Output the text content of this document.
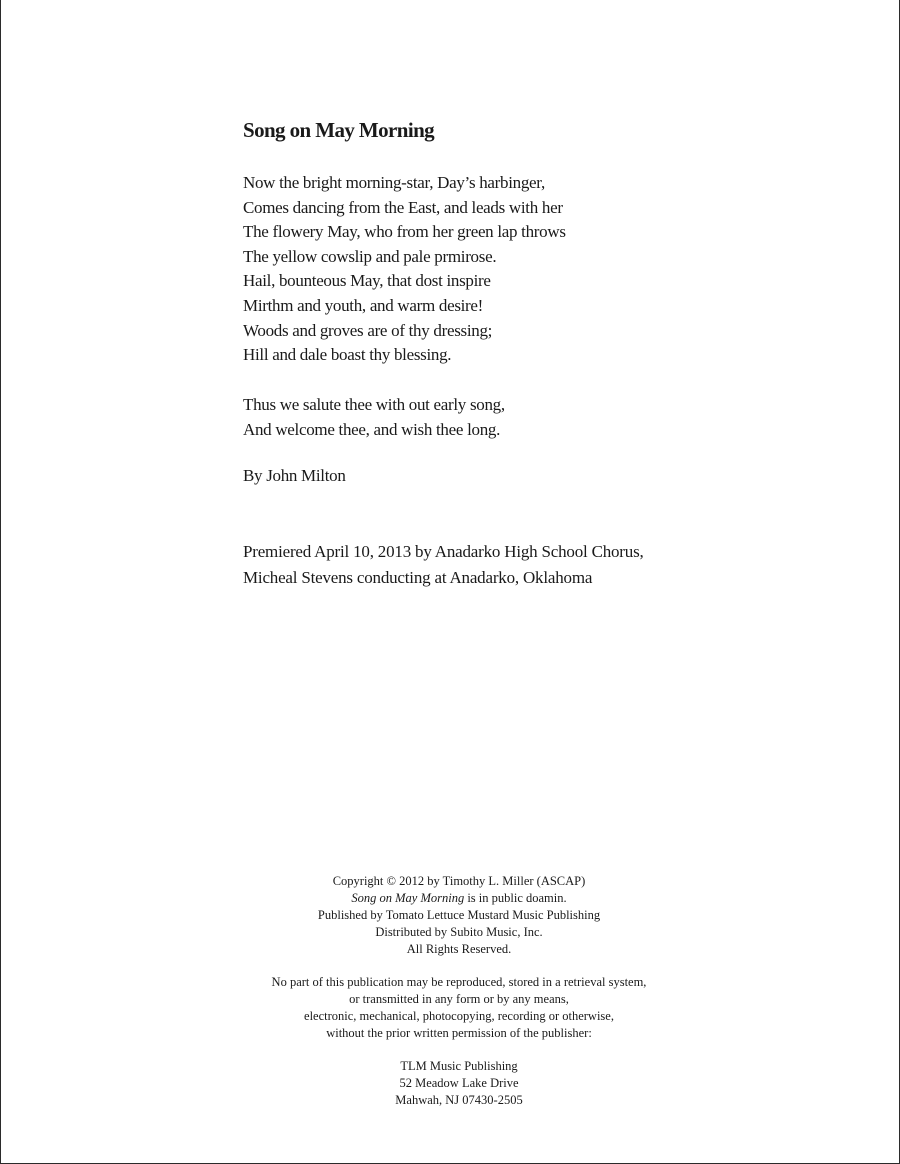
Song on May Morning

Now the bright morning-star, Day’s harbinger,
Comes dancing from the East, and leads with her
The flowery May, who from her green lap throws
The yellow cowslip and pale prmirose.
Hail, bounteous May, that dost inspire
Mirthm and youth, and warm desire!
Woods and groves are of thy dressing;
Hill and dale boast thy blessing.

Thus we salute thee with out early song,
And welcome thee, and wish thee long.

By John Milton

Premiered April 10, 2013 by Anadarko High School Chorus,
Micheal Stevens conducting at Anadarko, Oklahoma

Copyright © 2012 by Timothy L. Miller (ASCAP)
Song on May Morning is in public doamin.
Published by Tomato Lettuce Mustard Music Publishing
Distributed by Subito Music, Inc.
All Rights Reserved.

No part of this publication may be reproduced, stored in a retrieval system,
or transmitted in any form or by any means,
electronic, mechanical, photocopying, recording or otherwise,
without the prior written permission of the publisher:

TLM Music Publishing
52 Meadow Lake Drive
Mahwah, NJ 07430-2505
